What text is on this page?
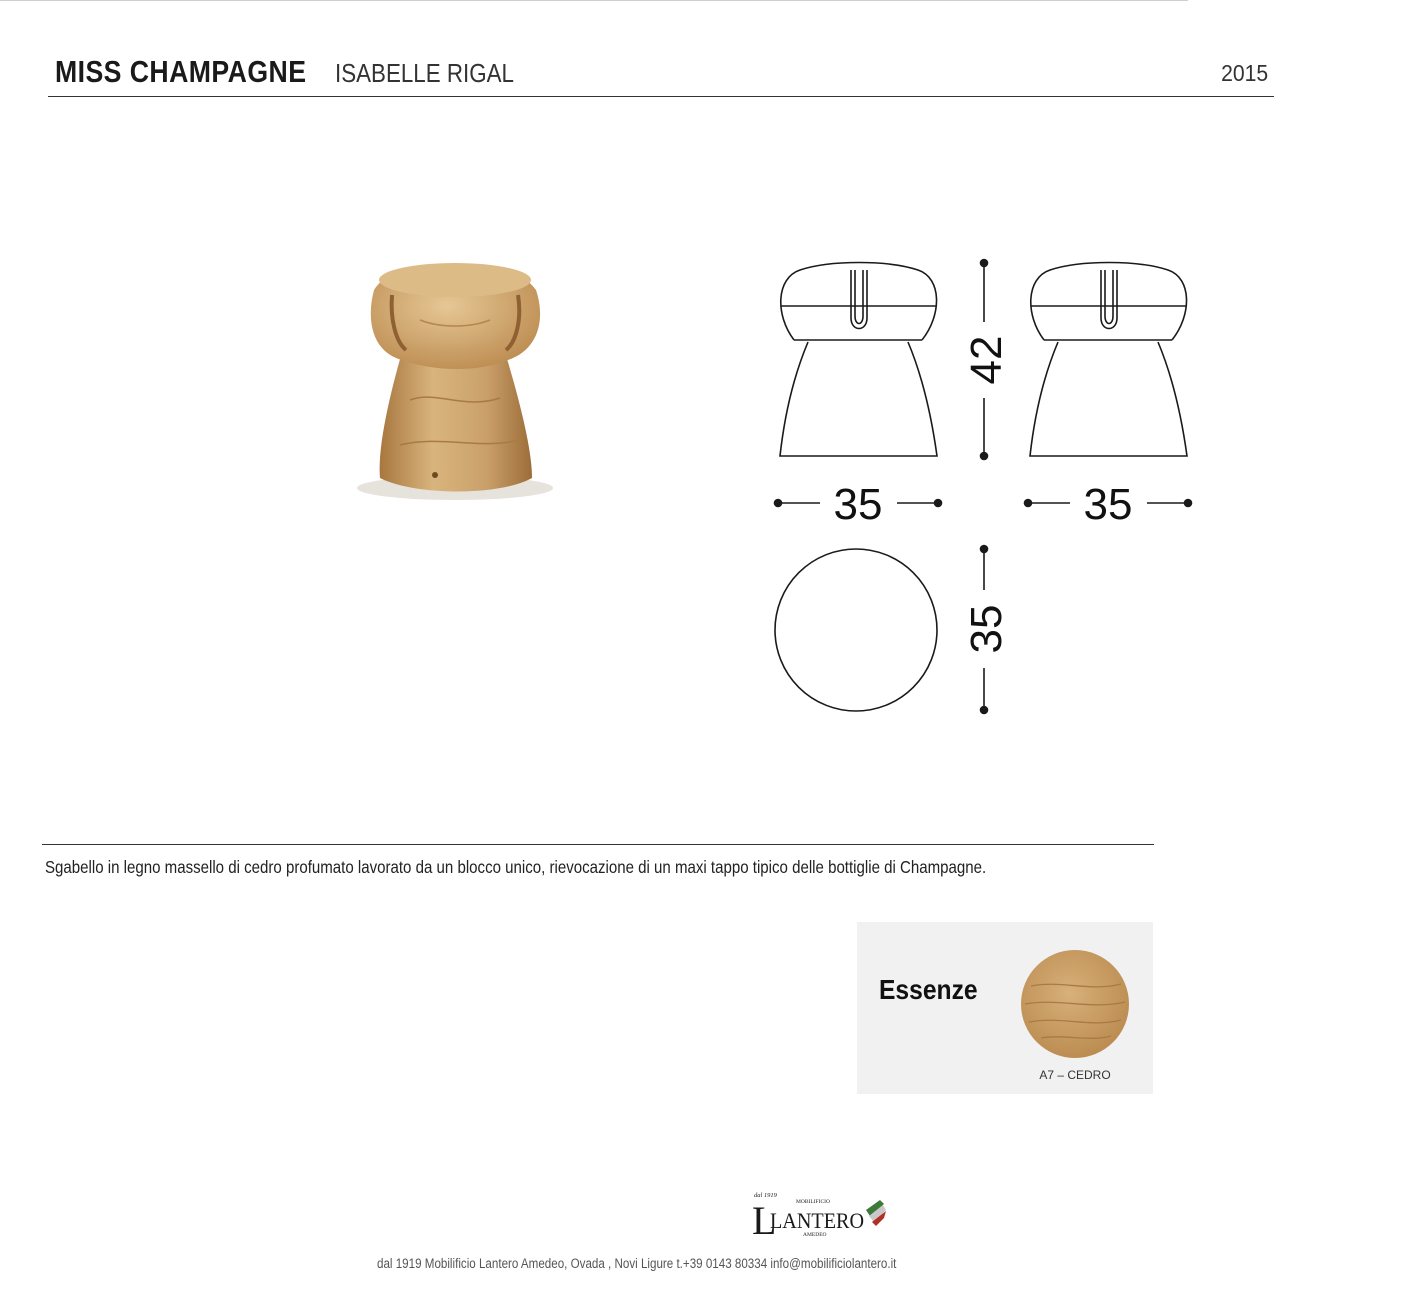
MISS CHAMPAGNE ISABELLE RIGAL	2015
42
35	35
35
Sgabello in legno massello di cedro profumato lavorato da un blocco unico, rievocazione di un maxi tappo tipico delle bottiglie di Champagne.
Essenze
A7 – CEDRO
dal 1919
MOBILIFICIO
L
LANTERO
AMEDEO
dal 1919 Mobilificio Lantero Amedeo, Ovada , Novi Ligure t.+39 0143 80334 info@mobilificiolantero.it
